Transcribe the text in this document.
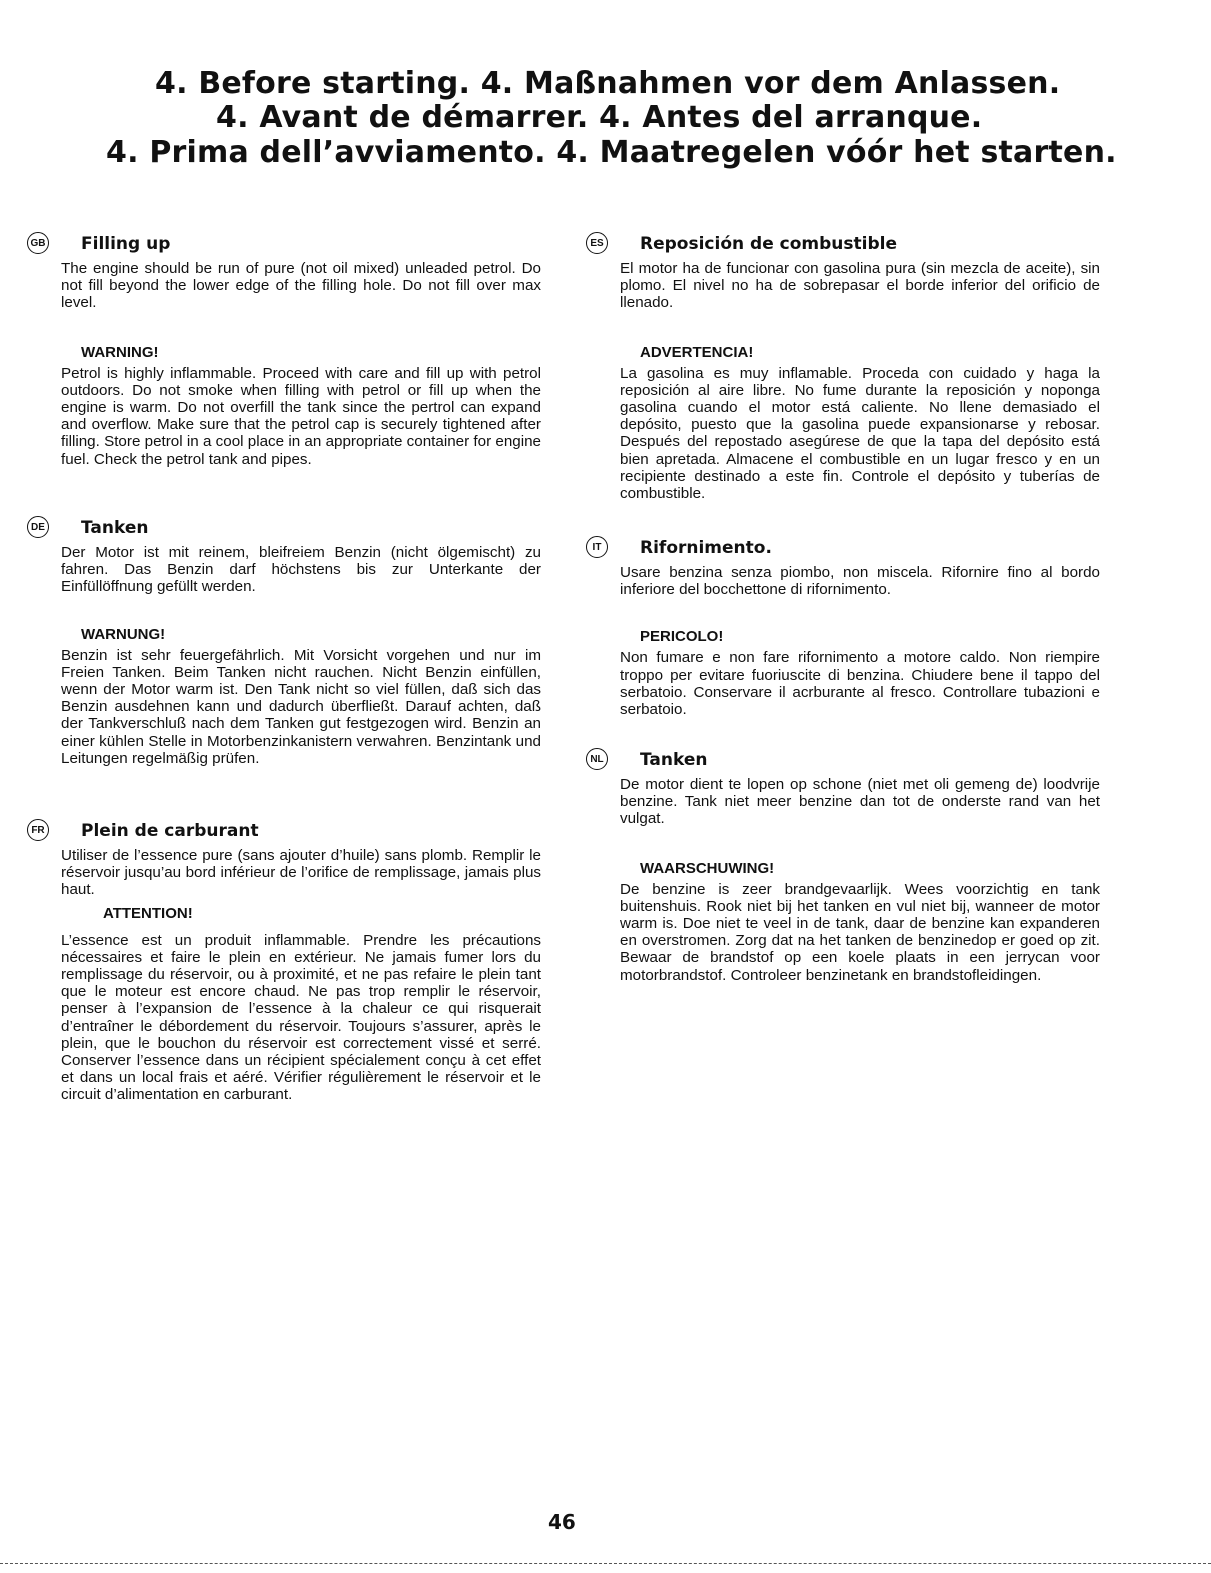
4. Before starting. 4. Maßnahmen vor dem Anlassen.
4. Avant de démarrer. 4. Antes del arranque.
4. Prima dell’avviamento. 4. Maatregelen vóór het starten.
GB Filling up

The engine should be run of pure (not oil mixed) unleaded petrol. Do not fill beyond the lower edge of the filling hole. Do not fill over max level.

WARNING!

Petrol is highly inflammable. Proceed with care and fill up with petrol outdoors. Do not smoke when filling with petrol or fill up when the engine is warm. Do not overfill the tank since the pertrol can expand and overflow. Make sure that the petrol cap is securely tightened after filling. Store petrol in a cool place in an appropriate container for engine fuel. Check the petrol tank and pipes.

DE Tanken

Der Motor ist mit reinem, bleifreiem Benzin (nicht ölgemischt) zu fahren. Das Benzin darf höchstens bis zur Unterkante der Einfüllöffnung gefüllt werden.

WARNUNG!

Benzin ist sehr feuergefährlich. Mit Vorsicht vorgehen und nur im Freien Tanken. Beim Tanken nicht rauchen. Nicht Benzin einfüllen, wenn der Motor warm ist. Den Tank nicht so viel füllen, daß sich das Benzin ausdehnen kann und dadurch überfließt. Darauf achten, daß der Tankverschluß nach dem Tanken gut festgezogen wird. Benzin an einer kühlen Stelle in Motorbenzinkanistern verwahren. Benzintank und Leitungen regelmäßig prüfen.

FR Plein de carburant

Utiliser de l’essence pure (sans ajouter d’huile) sans plomb. Remplir le réservoir jusqu’au bord inférieur de l’orifice de remplissage, jamais plus haut.

ATTENTION!

L’essence est un produit inflammable. Prendre les précautions nécessaires et faire le plein en extérieur. Ne jamais fumer lors du remplissage du réservoir, ou à proximité, et ne pas refaire le plein tant que le moteur est encore chaud. Ne pas trop remplir le réservoir, penser à l’expansion de l’essence à la chaleur ce qui risquerait d’entraîner le débordement du réservoir. Toujours s’assurer, après le plein, que le bouchon du réservoir est correctement vissé et serré. Conserver l’essence dans un récipient spécialement conçu à cet effet et dans un local frais et aéré. Vérifier régulièrement le réservoir et le circuit d’alimentation en carburant.

ES Reposición de combustible

El motor ha de funcionar con gasolina pura (sin mezcla de aceite), sin plomo. El nivel no ha de sobrepasar el borde inferior del orificio de llenado.

ADVERTENCIA!

La gasolina es muy inflamable. Proceda con cuidado y haga la reposición al aire libre. No fume durante la reposición y noponga gasolina cuando el motor está caliente. No llene demasiado el depósito, puesto que la gasolina puede expansionarse y rebosar. Después del repostado asegúrese de que la tapa del depósito está bien apretada. Almacene el combustible en un lugar fresco y en un recipiente destinado a este fin. Controle el depósito y tuberías de combustible.

IT	Rifornimento.

Usare benzina senza piombo, non miscela. Rifornire fino al bordo inferiore del bocchettone di rifornimento.

PERICOLO!

Non fumare e non fare rifornimento a motore caldo. Non riempire troppo per evitare fuoriuscite di benzina. Chiudere bene il tappo del serbatoio. Conservare il acrburante al fresco. Controllare tubazioni e serbatoio.

NL Tanken

De motor dient te lopen op schone (niet met oli gemeng de) loodvrije benzine. Tank niet meer benzine dan tot de onderste rand van het vulgat.

WAARSCHUWING!

De benzine is zeer brandgevaarlijk. Wees voorzichtig en tank buitenshuis. Rook niet bij het tanken en vul niet bij, wanneer de motor warm is. Doe niet te veel in de tank, daar de benzine kan expanderen en overstromen. Zorg dat na het tanken de benzinedop er goed op zit. Bewaar de brandstof op een koele plaats in een jerrycan voor motorbrandstof. Controleer benzinetank en brandstofleidingen.

46
